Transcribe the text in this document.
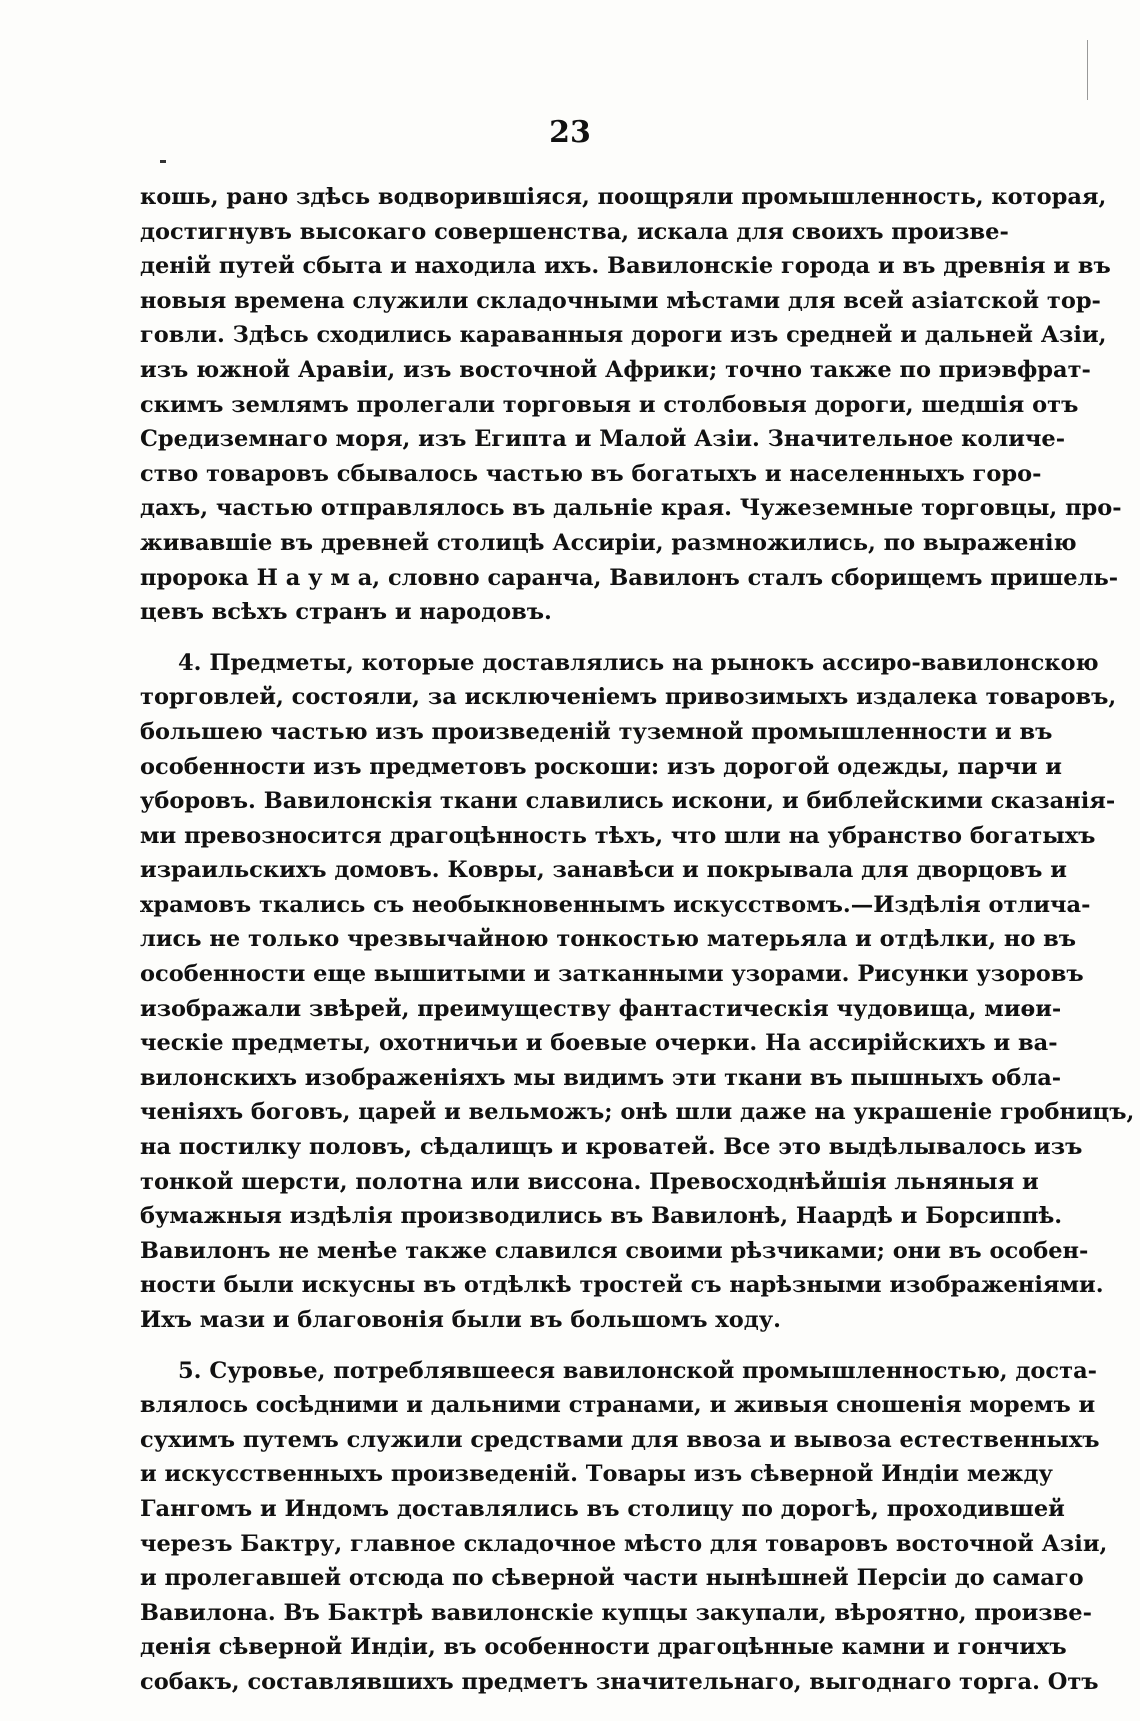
23
кошь, рано здѣсь водворившіяся, поощряли промышленность, которая,
достигнувъ высокаго совершенства, искала для своихъ произве-
деній путей сбыта и находила ихъ. Вавилонскіе города и въ древнія и въ
новыя времена служили складочными мѣстами для всей азіатской тор-
говли. Здѣсь сходились караванныя дороги изъ средней и дальней Азіи,
изъ южной Аравіи, изъ восточной Африки; точно также по приэвфрат-
скимъ землямъ пролегали торговыя и столбовыя дороги, шедшія отъ
Средиземнаго моря, изъ Египта и Малой Азіи. Значительное количе-
ство товаровъ сбывалось частью въ богатыхъ и населенныхъ горо-
дахъ, частью отправлялось въ дальніе края. Чужеземные торговцы, про-
живавшіе въ древней столицѣ Ассиріи, размножились, по выраженію
пророка Н а у м а, словно саранча, Вавилонъ сталъ сборищемъ пришель-
цевъ всѣхъ странъ и народовъ.
4. Предметы, которые доставлялись на рынокъ ассиро-вавилонскою
торговлей, состояли, за исключеніемъ привозимыхъ издалека товаровъ,
большею частью изъ произведеній туземной промышленности и въ
особенности изъ предметовъ роскоши: изъ дорогой одежды, парчи и
уборовъ. Вавилонскія ткани славились искони, и библейскими сказанія-
ми превозносится драгоцѣнность тѣхъ, что шли на убранство богатыхъ
израильскихъ домовъ. Ковры, занавѣси и покрывала для дворцовъ и
храмовъ ткались съ необыкновеннымъ искусствомъ.—Издѣлія отлича-
лись не только чрезвычайною тонкостью матерьяла и отдѣлки, но въ
особенности еще вышитыми и затканными узорами. Рисунки узоровъ
изображали звѣрей, преимуществу фантастическія чудовища, миѳи-
ческіе предметы, охотничьи и боевые очерки. На ассирійскихъ и ва-
вилонскихъ изображеніяхъ мы видимъ эти ткани въ пышныхъ обла-
ченіяхъ боговъ, царей и вельможъ; онѣ шли даже на украшеніе гробницъ,
на постилку половъ, сѣдалищъ и кроватей. Все это выдѣлывалось изъ
тонкой шерсти, полотна или виссона. Превосходнѣйшія льняныя и
бумажныя издѣлія производились въ Вавилонѣ, Наардѣ и Борсиппѣ.
Вавилонъ не менѣе также славился своими рѣзчиками; они въ особен-
ности были искусны въ отдѣлкѣ тростей съ нарѣзными изображеніями.
Ихъ мази и благовонія были въ большомъ ходу.
5. Суровье, потреблявшееся вавилонской промышленностью, доста-
влялось сосѣдними и дальними странами, и живыя сношенія моремъ и
сухимъ путемъ служили средствами для ввоза и вывоза естественныхъ
и искусственныхъ произведеній. Товары изъ сѣверной Индіи между
Гангомъ и Индомъ доставлялись въ столицу по дорогѣ, проходившей
черезъ Бактру, главное складочное мѣсто для товаровъ восточной Азіи,
и пролегавшей отсюда по сѣверной части нынѣшней Персіи до самаго
Вавилона. Въ Бактрѣ вавилонскіе купцы закупали, вѣроятно, произве-
денія сѣверной Индіи, въ особенности драгоцѣнные камни и гончихъ
собакъ, составлявшихъ предметъ значительнаго, выгоднаго торга. Отъ
